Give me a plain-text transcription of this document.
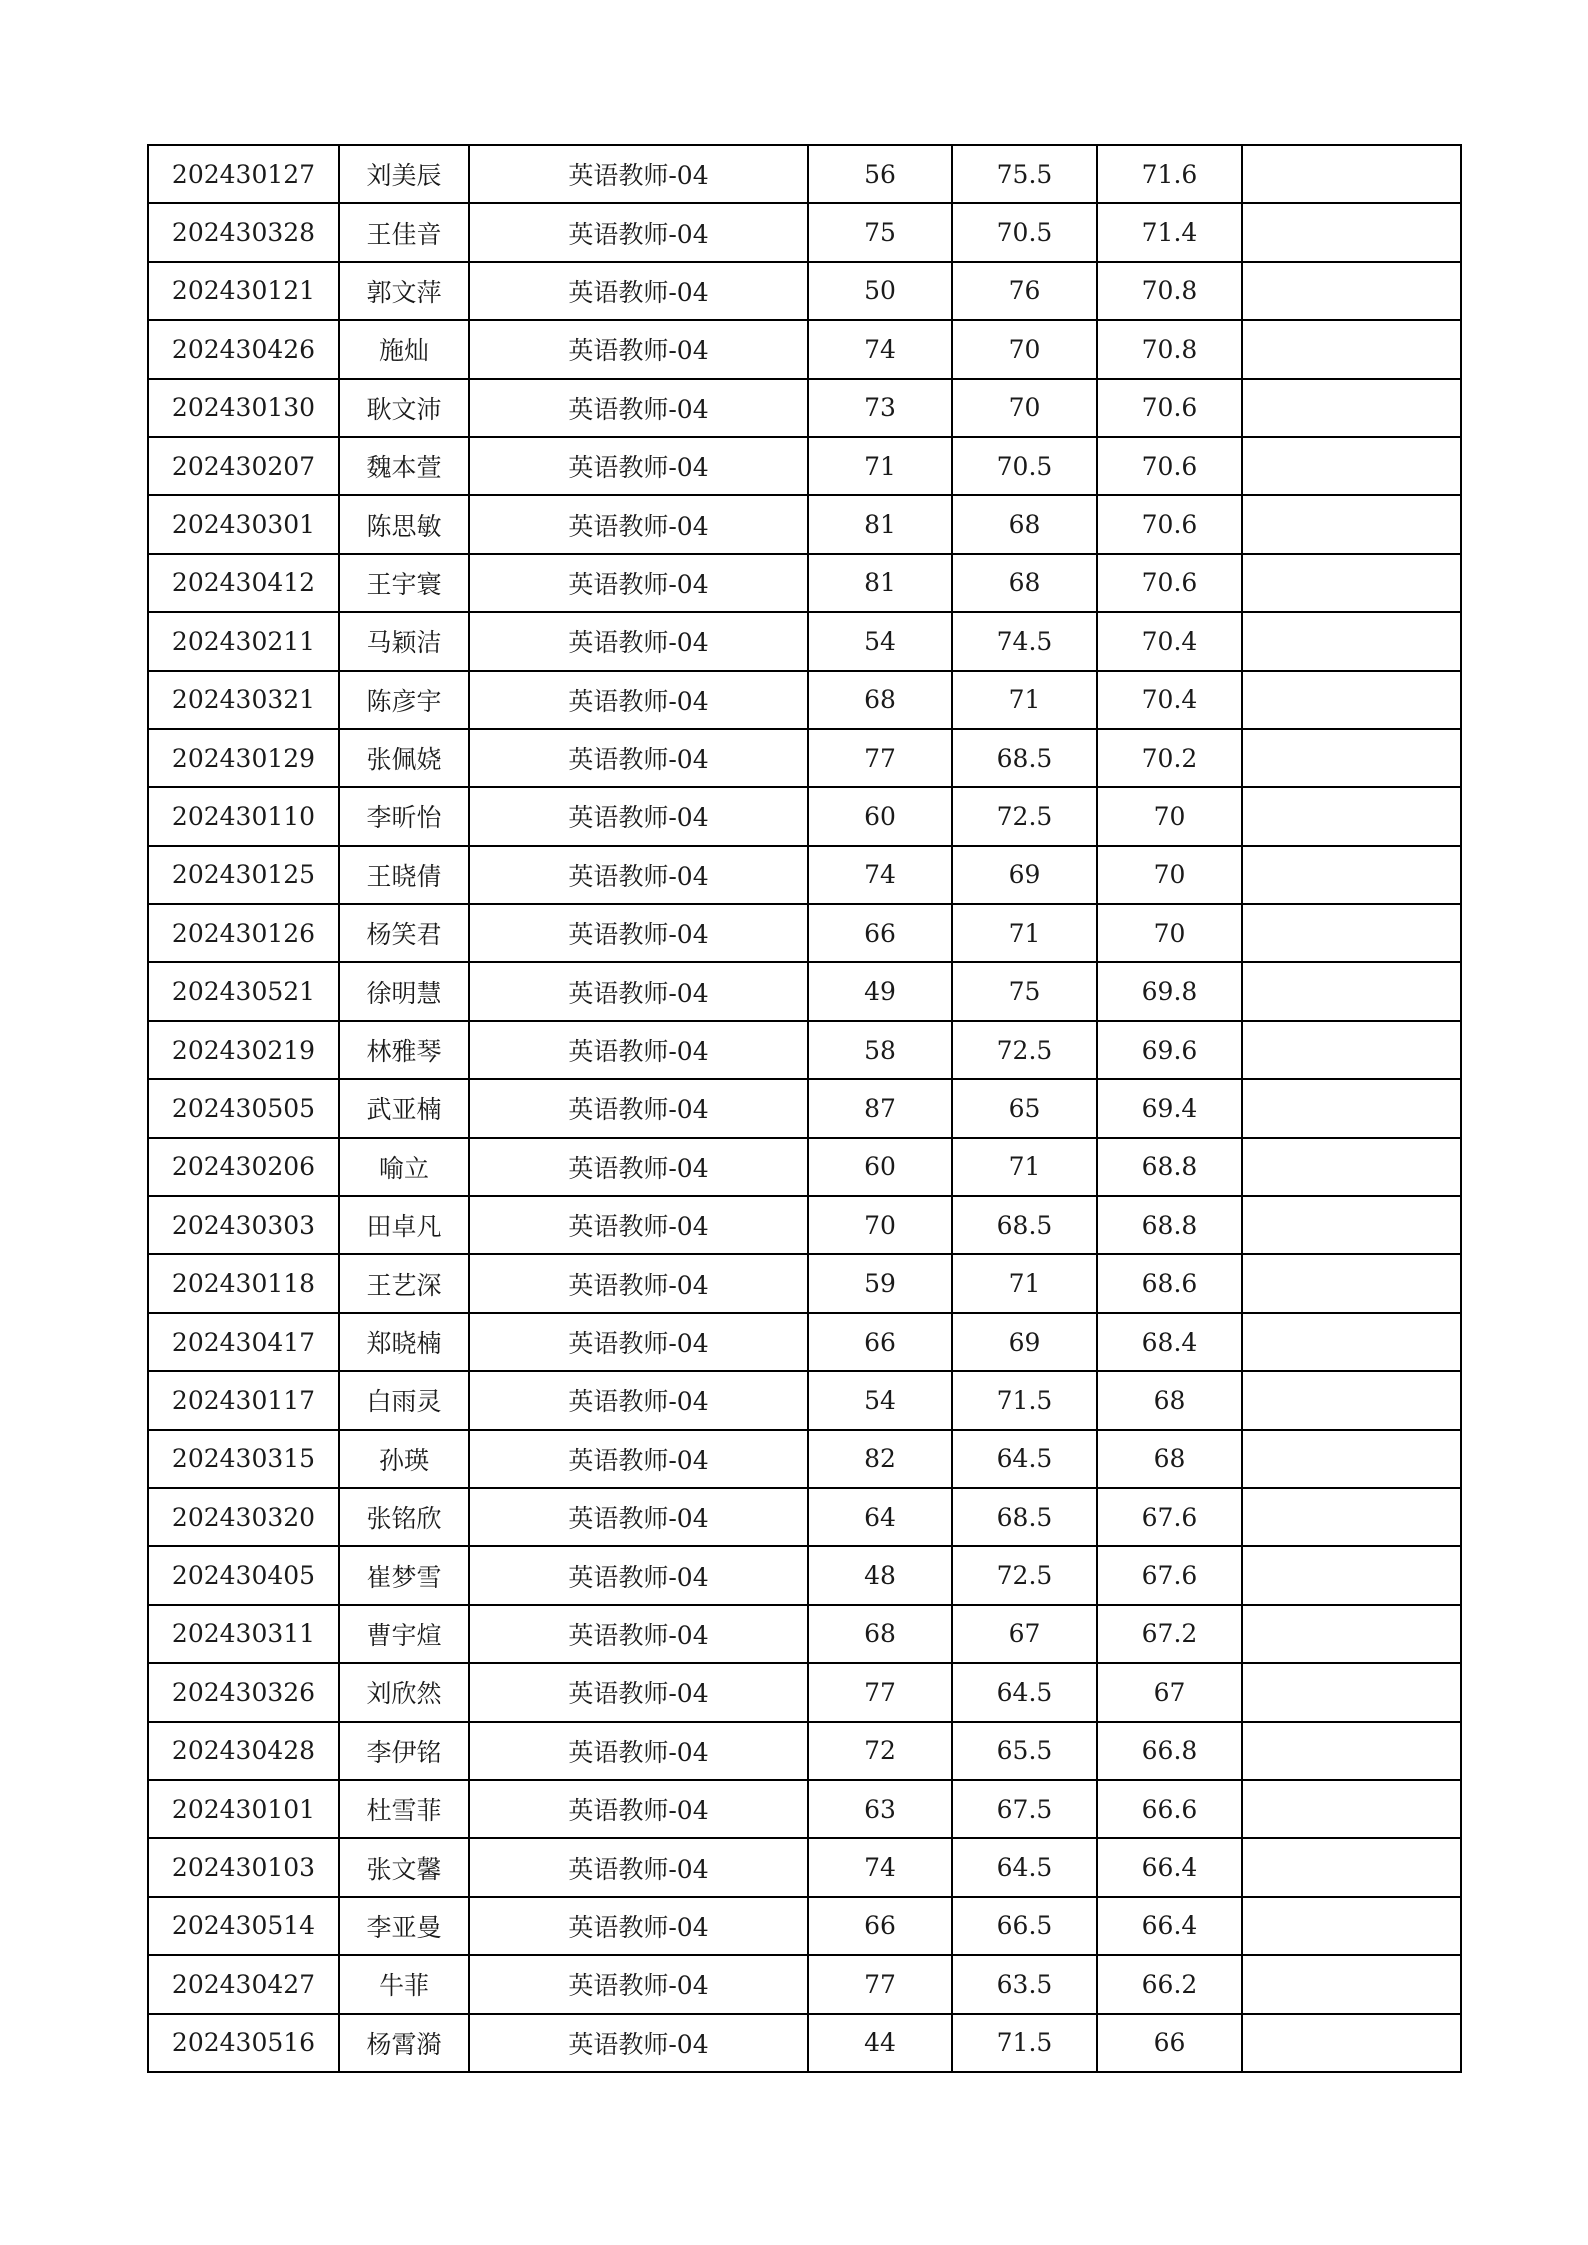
202430127	刘美辰	英语教师-04	56	75.5	71.6	
202430328	王佳音	英语教师-04	75	70.5	71.4	
202430121	郭文萍	英语教师-04	50	76	70.8	
202430426	施灿	英语教师-04	74	70	70.8	
202430130	耿文沛	英语教师-04	73	70	70.6	
202430207	魏本萱	英语教师-04	71	70.5	70.6	
202430301	陈思敏	英语教师-04	81	68	70.6	
202430412	王宇寰	英语教师-04	81	68	70.6	
202430211	马颖洁	英语教师-04	54	74.5	70.4	
202430321	陈彦宇	英语教师-04	68	71	70.4	
202430129	张佩娆	英语教师-04	77	68.5	70.2	
202430110	李昕怡	英语教师-04	60	72.5	70	
202430125	王晓倩	英语教师-04	74	69	70	
202430126	杨笑君	英语教师-04	66	71	70	
202430521	徐明慧	英语教师-04	49	75	69.8	
202430219	林雅琴	英语教师-04	58	72.5	69.6	
202430505	武亚楠	英语教师-04	87	65	69.4	
202430206	喻立	英语教师-04	60	71	68.8	
202430303	田卓凡	英语教师-04	70	68.5	68.8	
202430118	王艺深	英语教师-04	59	71	68.6	
202430417	郑晓楠	英语教师-04	66	69	68.4	
202430117	白雨灵	英语教师-04	54	71.5	68	
202430315	孙瑛	英语教师-04	82	64.5	68	
202430320	张铭欣	英语教师-04	64	68.5	67.6	
202430405	崔梦雪	英语教师-04	48	72.5	67.6	
202430311	曹宇煊	英语教师-04	68	67	67.2	
202430326	刘欣然	英语教师-04	77	64.5	67	
202430428	李伊铭	英语教师-04	72	65.5	66.8	
202430101	杜雪菲	英语教师-04	63	67.5	66.6	
202430103	张文馨	英语教师-04	74	64.5	66.4	
202430514	李亚曼	英语教师-04	66	66.5	66.4	
202430427	牛菲	英语教师-04	77	63.5	66.2	
202430516	杨霄漪	英语教师-04	44	71.5	66	
